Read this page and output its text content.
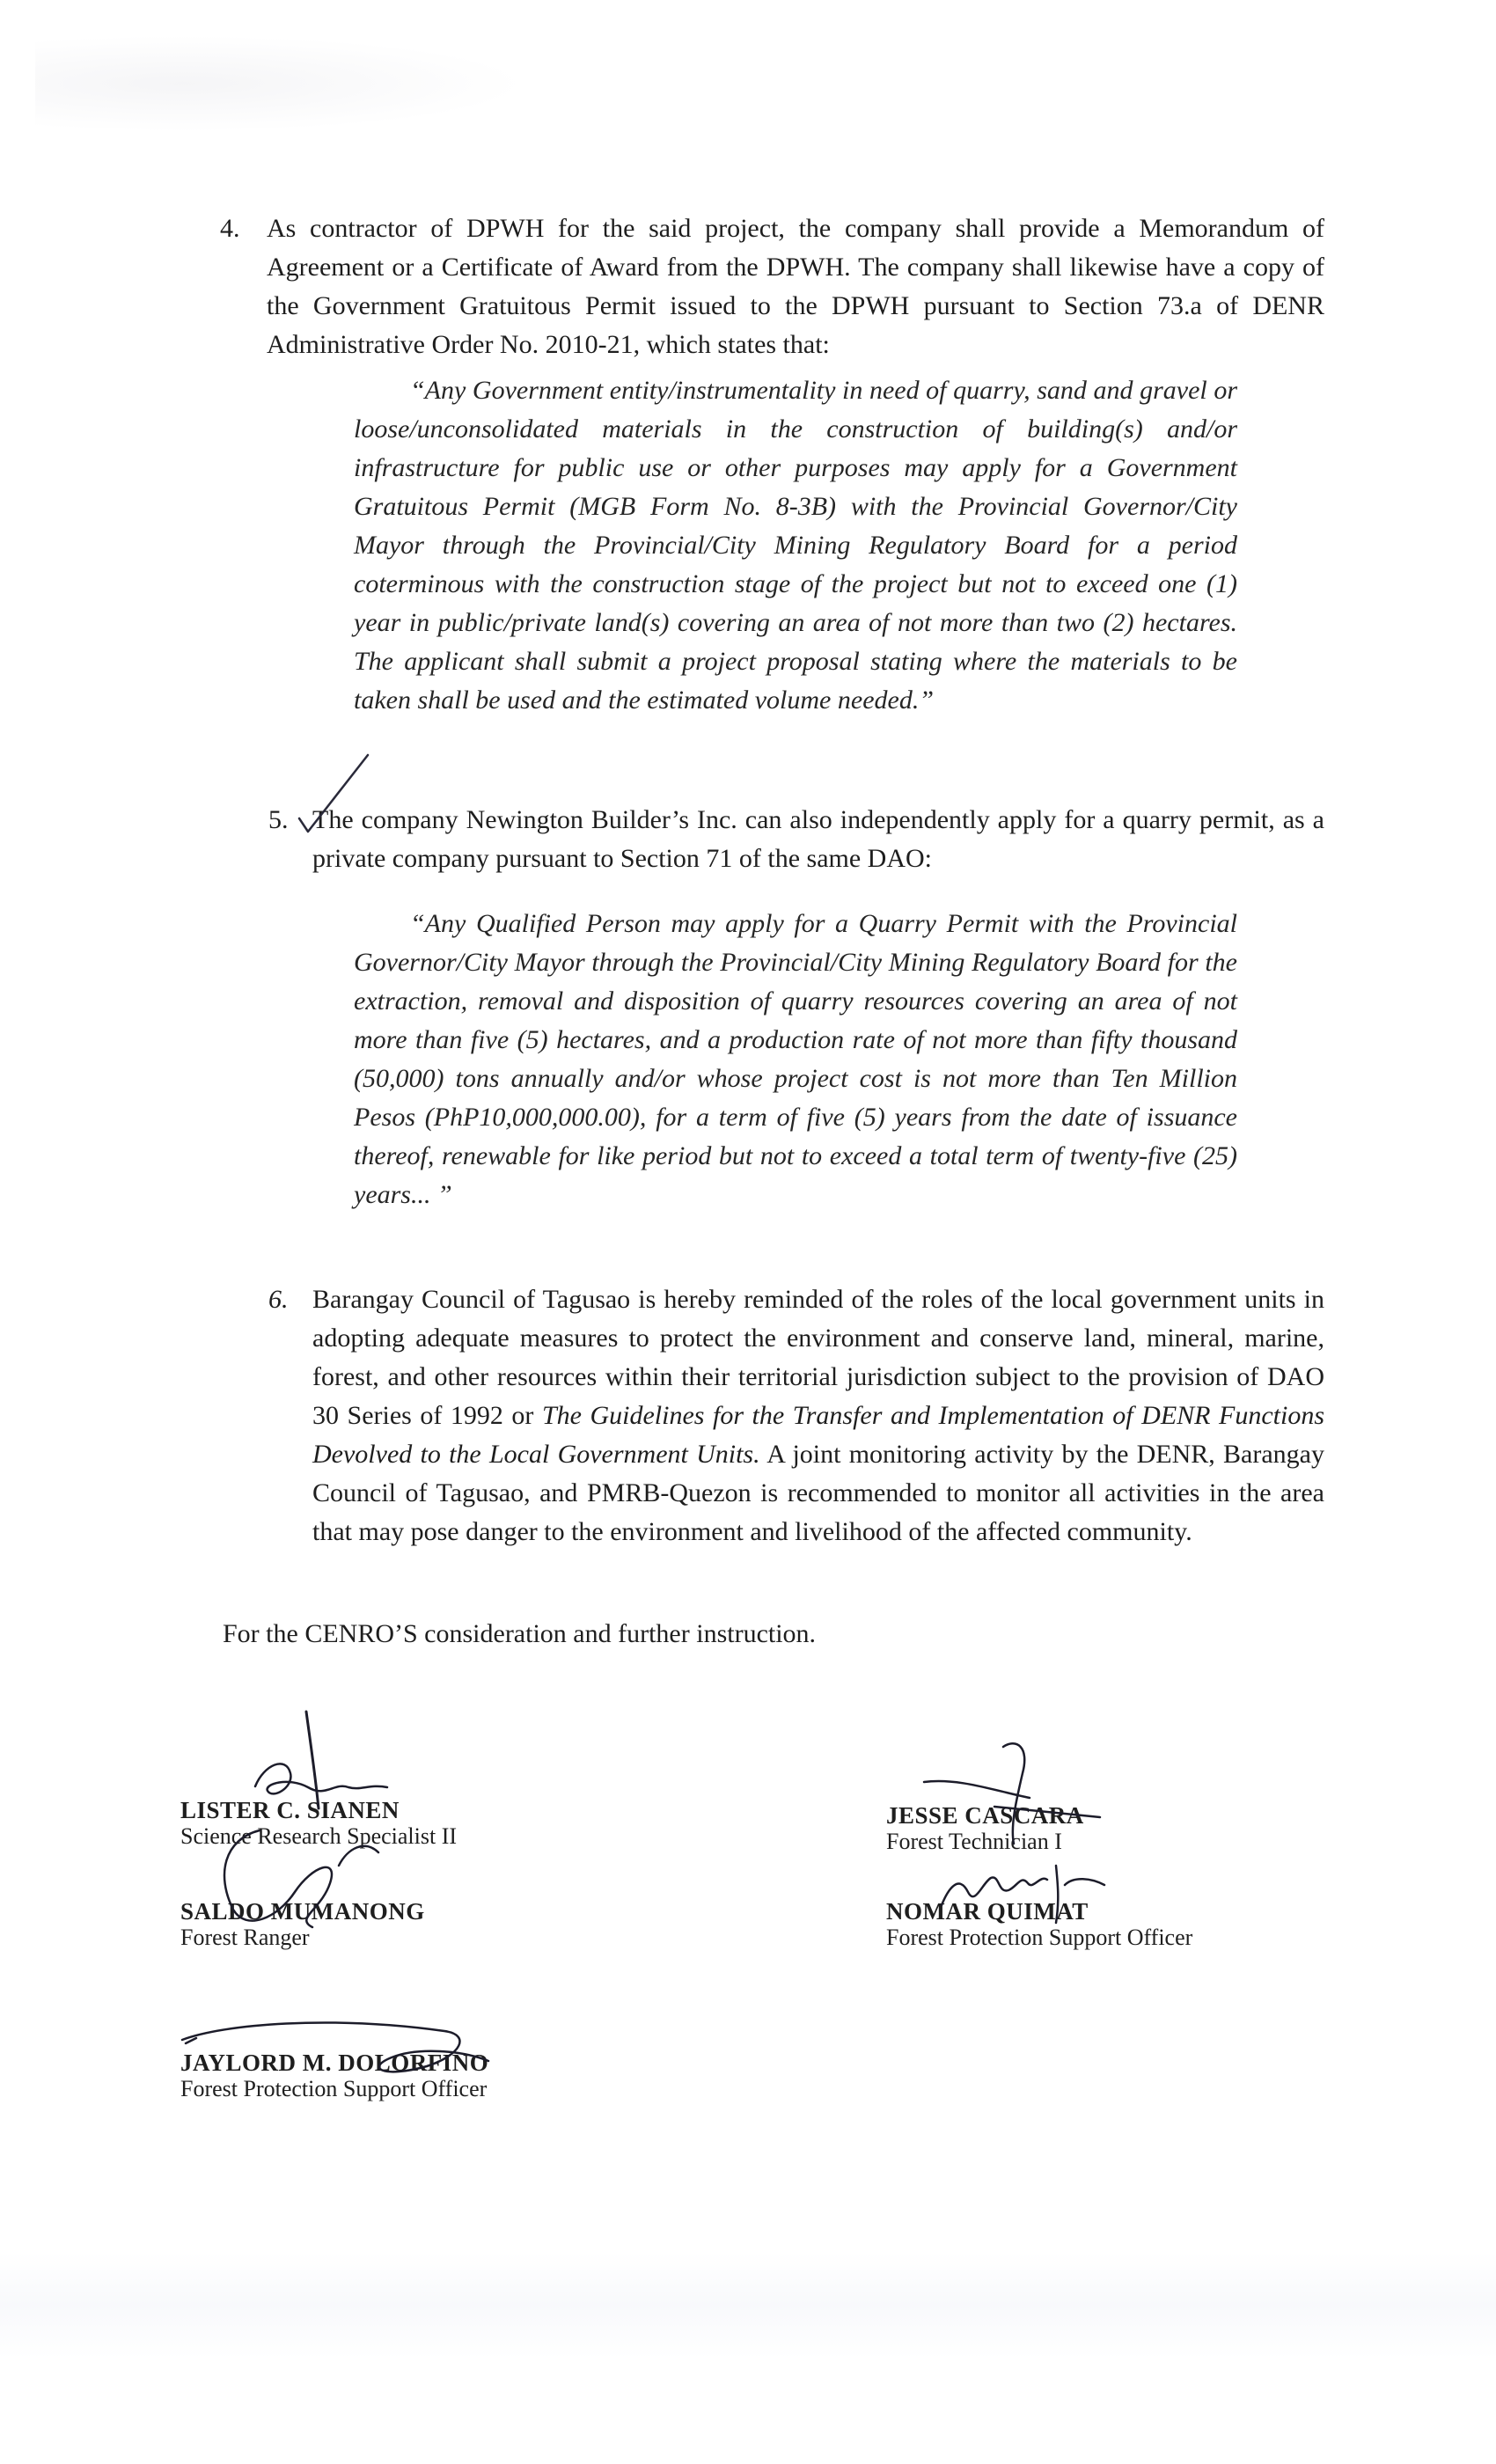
4. As contractor of DPWH for the said project, the company shall provide a Memorandum of Agreement or a Certificate of Award from the DPWH. The company shall likewise have a copy of the Government Gratuitous Permit issued to the DPWH pursuant to Section 73.a of DENR Administrative Order No. 2010-21, which states that:
“Any Government entity/instrumentality in need of quarry, sand and gravel or loose/unconsolidated materials in the construction of building(s) and/or infrastructure for public use or other purposes may apply for a Government Gratuitous Permit (MGB Form No. 8-3B) with the Provincial Governor/City Mayor through the Provincial/City Mining Regulatory Board for a period coterminous with the construction stage of the project but not to exceed one (1) year in public/private land(s) covering an area of not more than two (2) hectares. The applicant shall submit a project proposal stating where the materials to be taken shall be used and the estimated volume needed.”
5. The company Newington Builder’s Inc. can also independently apply for a quarry permit, as a private company pursuant to Section 71 of the same DAO:
“Any Qualified Person may apply for a Quarry Permit with the Provincial Governor/City Mayor through the Provincial/City Mining Regulatory Board for the extraction, removal and disposition of quarry resources covering an area of not more than five (5) hectares, and a production rate of not more than fifty thousand (50,000) tons annually and/or whose project cost is not more than Ten Million Pesos (PhP10,000,000.00), for a term of five (5) years from the date of issuance thereof, renewable for like period but not to exceed a total term of twenty-five (25) years... ”
6. Barangay Council of Tagusao is hereby reminded of the roles of the local government units in adopting adequate measures to protect the environment and conserve land, mineral, marine, forest, and other resources within their territorial jurisdiction subject to the provision of DAO 30 Series of 1992 or The Guidelines for the Transfer and Implementation of DENR Functions Devolved to the Local Government Units. A joint monitoring activity by the DENR, Barangay Council of Tagusao, and PMRB-Quezon is recommended to monitor all activities in the area that may pose danger to the environment and livelihood of the affected community.
For the CENRO’S consideration and further instruction.
LISTER C. SIANEN
Science Research Specialist II
SALDO MUMANONG
Forest Ranger
JAYLORD M. DOLORFINO
Forest Protection Support Officer
JESSE CASCARA
Forest Technician I
NOMAR QUIMAT
Forest Protection Support Officer
